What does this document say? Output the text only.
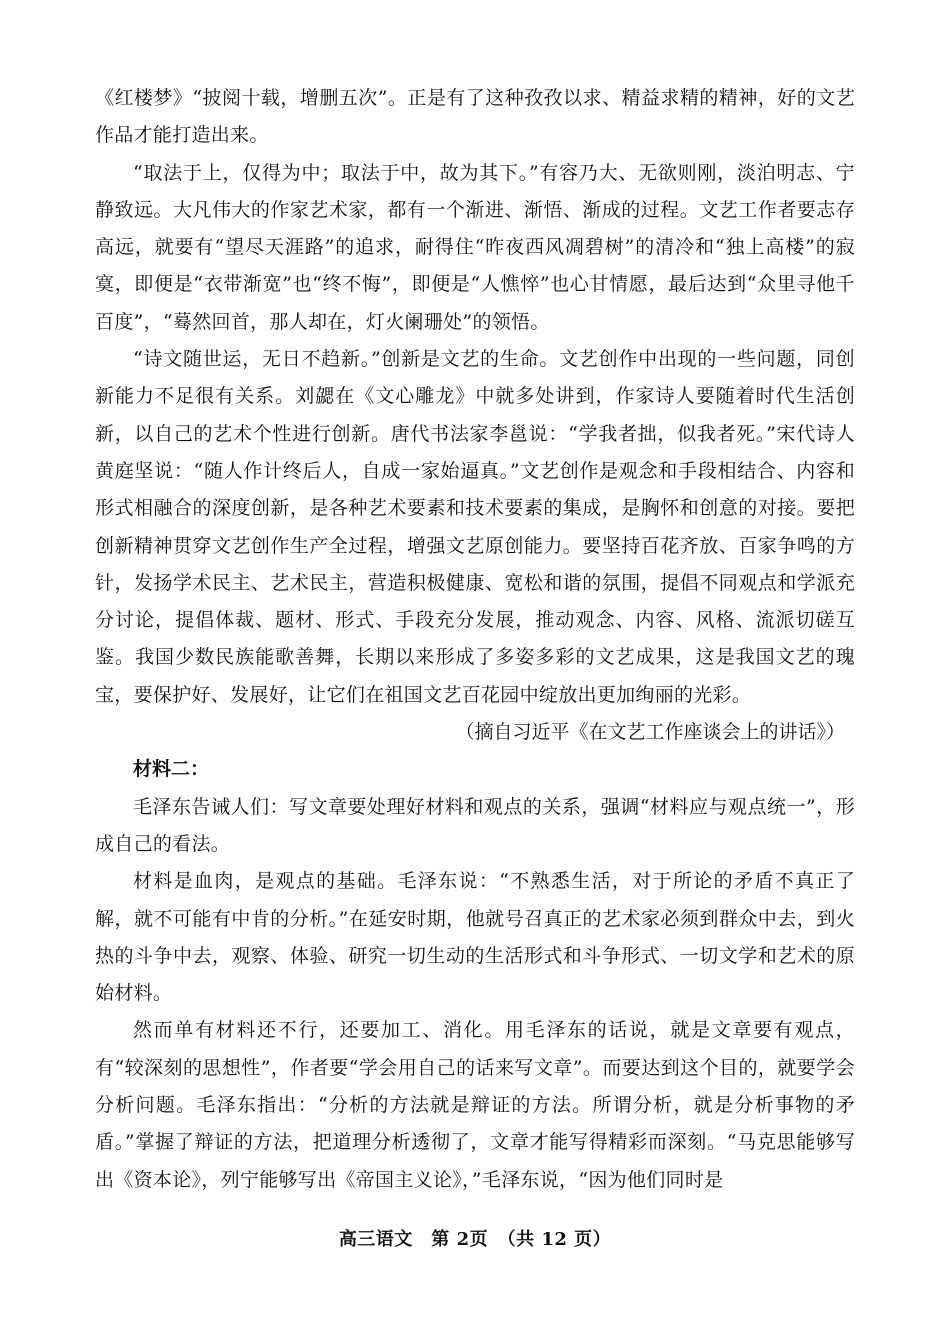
《红楼梦》“披阅十载，增删五次”。正是有了这种孜孜以求、精益求精的精神，好的文艺作品才能打造出来。

“取法于上，仅得为中；取法于中，故为其下。”有容乃大、无欲则刚，淡泊明志、宁静致远。大凡伟大的作家艺术家，都有一个渐进、渐悟、渐成的过程。文艺工作者要志存高远，就要有“望尽天涯路”的追求，耐得住“昨夜西风凋碧树”的清冷和“独上高楼”的寂寞，即便是“衣带渐宽”也“终不悔”，即便是“人憔悴”也心甘情愿，最后达到“众里寻他千百度”，“蓦然回首，那人却在，灯火阑珊处”的领悟。

“诗文随世运，无日不趋新。”创新是文艺的生命。文艺创作中出现的一些问题，同创新能力不足很有关系。刘勰在《文心雕龙》中就多处讲到，作家诗人要随着时代生活创新，以自己的艺术个性进行创新。唐代书法家李邕说：“学我者拙，似我者死。”宋代诗人黄庭坚说：“随人作计终后人，自成一家始逼真。”文艺创作是观念和手段相结合、内容和形式相融合的深度创新，是各种艺术要素和技术要素的集成，是胸怀和创意的对接。要把创新精神贯穿文艺创作生产全过程，增强文艺原创能力。要坚持百花齐放、百家争鸣的方针，发扬学术民主、艺术民主，营造积极健康、宽松和谐的氛围，提倡不同观点和学派充分讨论，提倡体裁、题材、形式、手段充分发展，推动观念、内容、风格、流派切磋互鉴。我国少数民族能歌善舞，长期以来形成了多姿多彩的文艺成果，这是我国文艺的瑰宝，要保护好、发展好，让它们在祖国文艺百花园中绽放出更加绚丽的光彩。

（摘自习近平《在文艺工作座谈会上的讲话》）

材料二：

毛泽东告诫人们：写文章要处理好材料和观点的关系，强调“材料应与观点统一”，形成自己的看法。

材料是血肉，是观点的基础。毛泽东说：“不熟悉生活，对于所论的矛盾不真正了解，就不可能有中肯的分析。”在延安时期，他就号召真正的艺术家必须到群众中去，到火热的斗争中去，观察、体验、研究一切生动的生活形式和斗争形式、一切文学和艺术的原始材料。

然而单有材料还不行，还要加工、消化。用毛泽东的话说，就是文章要有观点，有“较深刻的思想性”，作者要“学会用自己的话来写文章”。而要达到这个目的，就要学会分析问题。毛泽东指出：“分析的方法就是辩证的方法。所谓分析，就是分析事物的矛盾。”掌握了辩证的方法，把道理分析透彻了，文章才能写得精彩而深刻。“马克思能够写出《资本论》，列宁能够写出《帝国主义论》，”毛泽东说，“因为他们同时是

高三语文　第 2页　（共 12 页）
